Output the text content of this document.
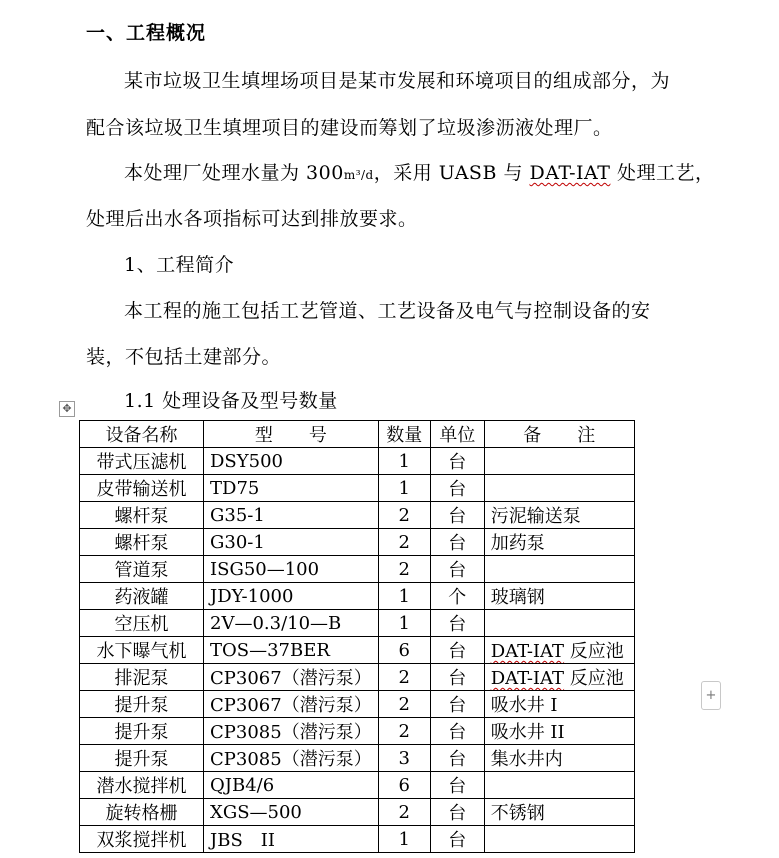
一、工程概况
某市垃圾卫生填埋场项目是某市发展和环境项目的组成部分，为
配合该垃圾卫生填埋项目的建设而筹划了垃圾渗沥液处理厂。
本处理厂处理水量为 300m³/d，采用 UASB 与 DAT-IAT 处理工艺，
处理后出水各项指标可达到排放要求。
1、工程简介
本工程的施工包括工艺管道、工艺设备及电气与控制设备的安
装，不包括土建部分。
1.1 处理设备及型号数量
✥
设备名称	型　　号	数量	单位	备　　注
带式压滤机	DSY500	1	台	
皮带输送机	TD75	1	台	
螺杆泵	G35-1	2	台	污泥输送泵
螺杆泵	G30-1	2	台	加药泵
管道泵	ISG50—100	2	台	
药液罐	JDY-1000	1	个	玻璃钢
空压机	2V—0.3/10—B	1	台	
水下曝气机	TOS—37BER	6	台	DAT-IAT 反应池
排泥泵	CP3067（潜污泵）	2	台	DAT-IAT 反应池
提升泵	CP3067（潜污泵）	2	台	吸水井 I
提升泵	CP3085（潜污泵）	2	台	吸水井 II
提升泵	CP3085（潜污泵）	3	台	集水井内
潜水搅拌机	QJB4/6	6	台	
旋转格栅	XGS—500	2	台	不锈钢
双浆搅拌机	JBS　II	1	台	
+
